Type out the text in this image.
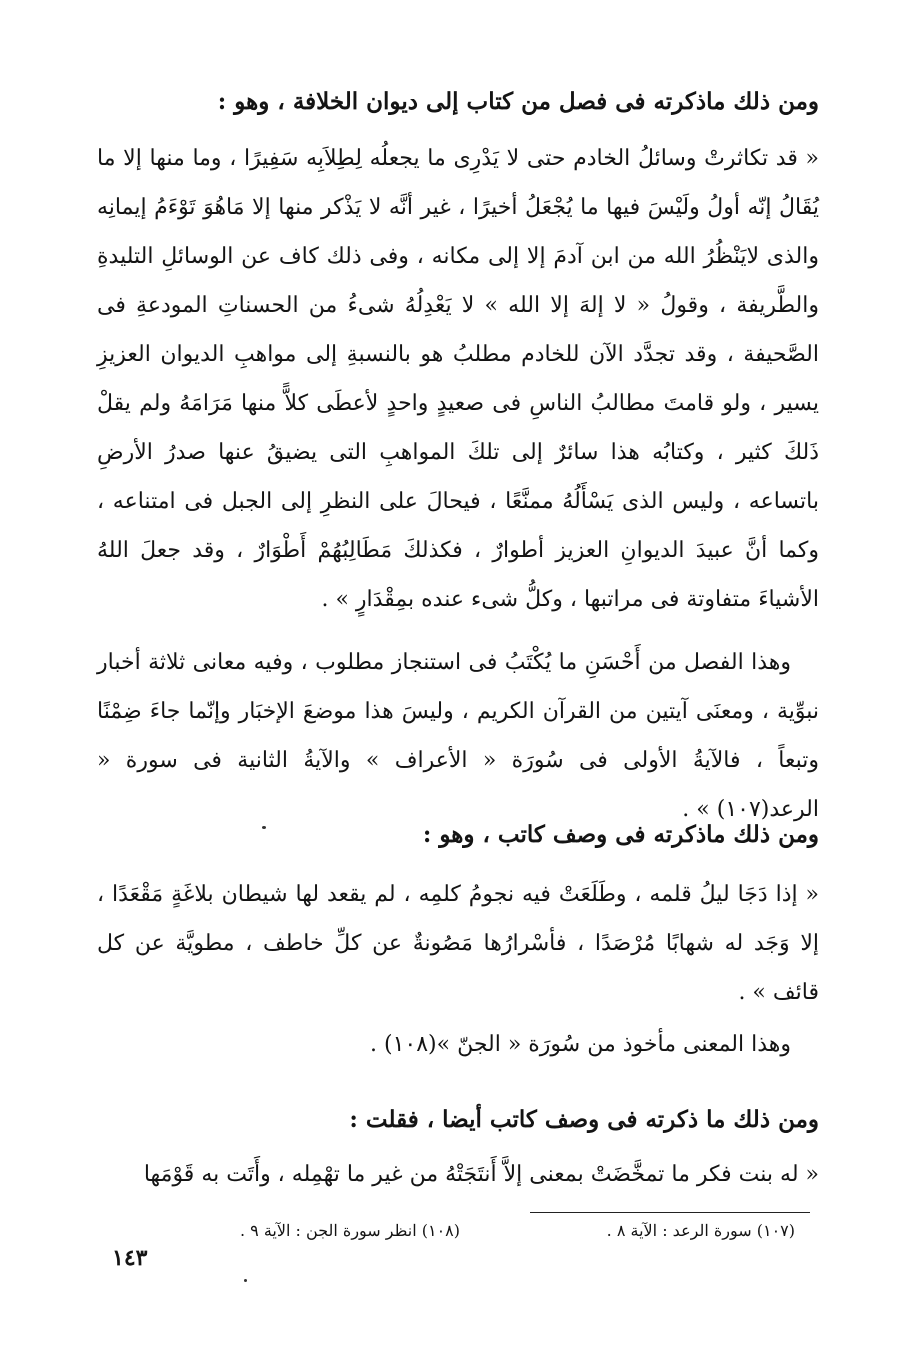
ومن ذلك ماذكرته فى فصل من كتاب إلى ديوان الخلافة ، وهو :

« قد تكاثرتْ وسائلُ الخادم حتى لا يَدْرِى ما يجعلُه لِطِلاَبِه سَفِيرًا ، وما منها إلا ما يُقَالُ إنّه أولُ ولَيْسَ فيها ما يُجْعَلُ أخيرًا ، غير أنَّه لا يَذْكر منها إلا مَاهُوَ تَوْءَمُ إيمانِه والذى لايَنْظُرُ الله من ابن آدمَ إلا إلى مكانه ، وفى ذلك كاف عن الوسائلِ التليدةِ والطَّريفة ، وقولُ « لا إلهَ إلا الله » لا يَعْدِلُهُ شىءُ من الحسناتِ المودعةِ فى الصَّحيفة ، وقد تجدَّد الآن للخادم مطلبُ هو بالنسبةِ إلى مواهبِ الديوان العزيزِ يسير ، ولو قامتَ مطالبُ الناسِ فى صعيدٍ واحدٍ لأعطَى كلاًّ منها مَرَامَهُ ولم يقلْ ذَلكَ كثير ، وكتابُه هذا سائرٌ إلى تلكَ المواهبِ التى يضيقُ عنها صدرُ الأرضِ باتساعه ، وليس الذى يَسْأَلُهُ ممنَّعًا ، فيحالَ على النظرِ إلى الجبل فى امتناعه ، وكما أنَّ عبيدَ الديوانِ العزيز أطوارٌ ، فكذلكَ مَطَالِبُهُمْ أَطْوَارٌ ، وقد جعلَ اللهُ الأشياءَ متفاوتة فى مراتبها ، وكلُّ شىء عنده بمِقْدَارٍ » .

وهذا الفصل من أَحْسَنِ ما يُكْتَبُ فى استنجاز مطلوب ، وفيه معانى ثلاثة أخبار نبوِّية ، ومعنَى آيتين من القرآن الكريم ، وليسَ هذا موضعَ الإخبَار وإنّما جاءَ ضِمْنًا وتبعاً ، فالآيةُ الأولى فى سُورَة « الأعراف » والآيةُ الثانية فى سورة « الرعد(١٠٧) » .

ومن ذلك ماذكرته فى وصف كاتب ، وهو :

« إذا دَجَا ليلُ قلمه ، وطَلَعَتْ فيه نجومُ كلمِه ، لم يقعد لها شيطان بلاغَةٍ مَقْعَدًا ، إلا وَجَد له شهابًا مُرْصَدًا ، فأسْرارُها مَصُونةٌ عن كلِّ خاطف ، مطويَّة عن كل قائف » .

وهذا المعنى مأخوذ من سُورَة « الجنّ »(١٠٨) .

ومن ذلك ما ذكرته فى وصف كاتب أيضا ، فقلت :

« له بنت فكر ما تمخَّضَتْ بمعنى إلاَّ أَنتَجَتْهُ من غير ما تهْمِله ، وأَتَت به قَوْمَها

(١٠٧) سورة الرعد : الآية ٨ .
(١٠٨) انظر سورة الجن : الآية ٩ .
١٤٣
